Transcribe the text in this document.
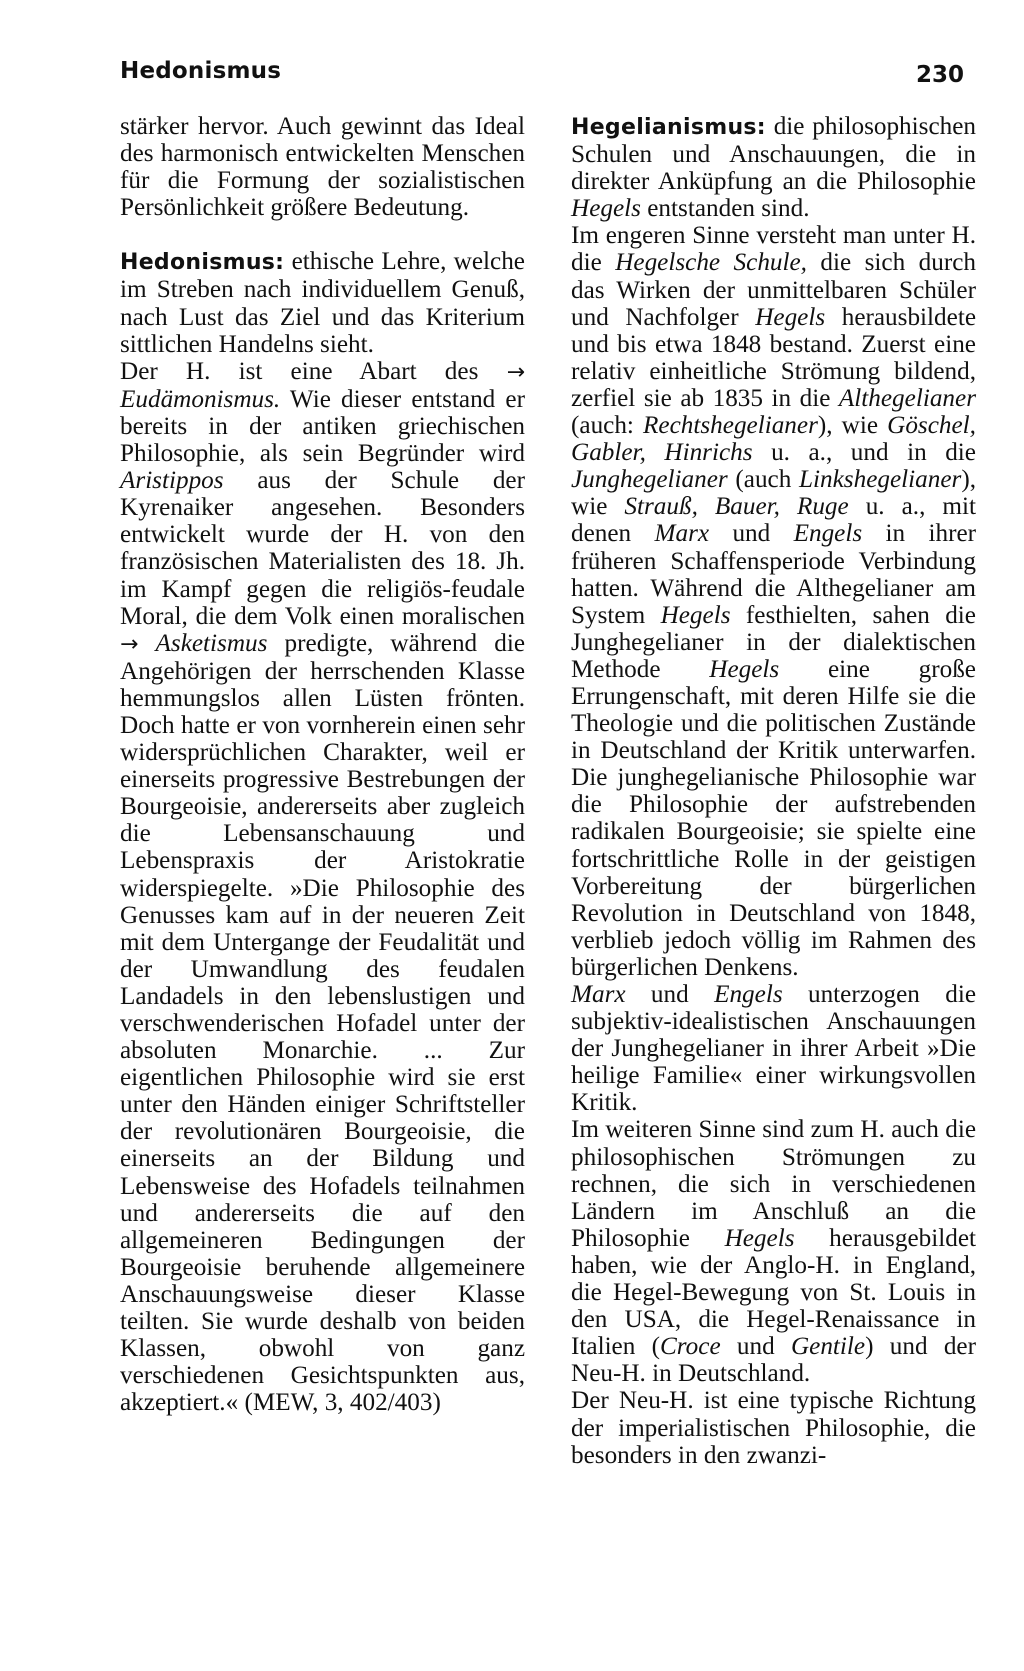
Hedonismus	230

stärker hervor. Auch gewinnt das Ideal des harmonisch entwickelten Menschen für die Formung der sozialistischen Persönlichkeit größere Bedeutung.

Hedonismus: ethische Lehre, welche im Streben nach individuellem Genuß, nach Lust das Ziel und das Kriterium sittlichen Handelns sieht.

Der H. ist eine Abart des → Eudämonismus. Wie dieser entstand er bereits in der antiken griechischen Philosophie, als sein Begründer wird Aristippos aus der Schule der Kyrenaiker angesehen. Besonders entwickelt wurde der H. von den französischen Materialisten des 18. Jh. im Kampf gegen die religiös-feudale Moral, die dem Volk einen moralischen → Asketismus predigte, während die Angehörigen der herrschenden Klasse hemmungslos allen Lüsten frönten. Doch hatte er von vornherein einen sehr widersprüchlichen Charakter, weil er einerseits progressive Bestrebungen der Bourgeoisie, andererseits aber zugleich die Lebensanschauung und Lebenspraxis der Aristokratie widerspiegelte. »Die Philosophie des Genusses kam auf in der neueren Zeit mit dem Untergange der Feudalität und der Umwandlung des feudalen Landadels in den lebenslustigen und verschwenderischen Hofadel unter der absoluten Monarchie. ... Zur eigentlichen Philosophie wird sie erst unter den Händen einiger Schriftsteller der revolutionären Bourgeoisie, die einerseits an der Bildung und Lebensweise des Hofadels teilnahmen und andererseits die auf den allgemeineren Bedingungen der Bourgeoisie beruhende allgemeinere Anschauungsweise dieser Klasse teilten. Sie wurde deshalb von beiden Klassen, obwohl von ganz verschiedenen Gesichtspunkten aus, akzeptiert.« (MEW, 3, 402/403)

Hegelianismus: die philosophischen Schulen und Anschauungen, die in direkter Anküpfung an die Philosophie Hegels entstanden sind.

Im engeren Sinne versteht man unter H. die Hegelsche Schule, die sich durch das Wirken der unmittelbaren Schüler und Nachfolger Hegels herausbildete und bis etwa 1848 bestand. Zuerst eine relativ einheitliche Strömung bildend, zerfiel sie ab 1835 in die Althegelianer (auch: Rechtshegelianer), wie Göschel, Gabler, Hinrichs u. a., und in die Junghegelianer (auch Linkshegelianer), wie Strauß, Bauer, Ruge u. a., mit denen Marx und Engels in ihrer früheren Schaffensperiode Verbindung hatten. Während die Althegelianer am System Hegels festhielten, sahen die Junghegelianer in der dialektischen Methode Hegels eine große Errungenschaft, mit deren Hilfe sie die Theologie und die politischen Zustände in Deutschland der Kritik unterwarfen. Die junghegelianische Philosophie war die Philosophie der aufstrebenden radikalen Bourgeoisie; sie spielte eine fortschrittliche Rolle in der geistigen Vorbereitung der bürgerlichen Revolution in Deutschland von 1848, verblieb jedoch völlig im Rahmen des bürgerlichen Denkens.

Marx und Engels unterzogen die subjektiv-idealistischen Anschauungen der Junghegelianer in ihrer Arbeit »Die heilige Familie« einer wirkungsvollen Kritik.

Im weiteren Sinne sind zum H. auch die philosophischen Strömungen zu rechnen, die sich in verschiedenen Ländern im Anschluß an die Philosophie Hegels herausgebildet haben, wie der Anglo-H. in England, die Hegel-Bewegung von St. Louis in den USA, die Hegel-Renaissance in Italien (Croce und Gentile) und der Neu-H. in Deutschland.

Der Neu-H. ist eine typische Richtung der imperialistischen Philosophie, die besonders in den zwanzi-
